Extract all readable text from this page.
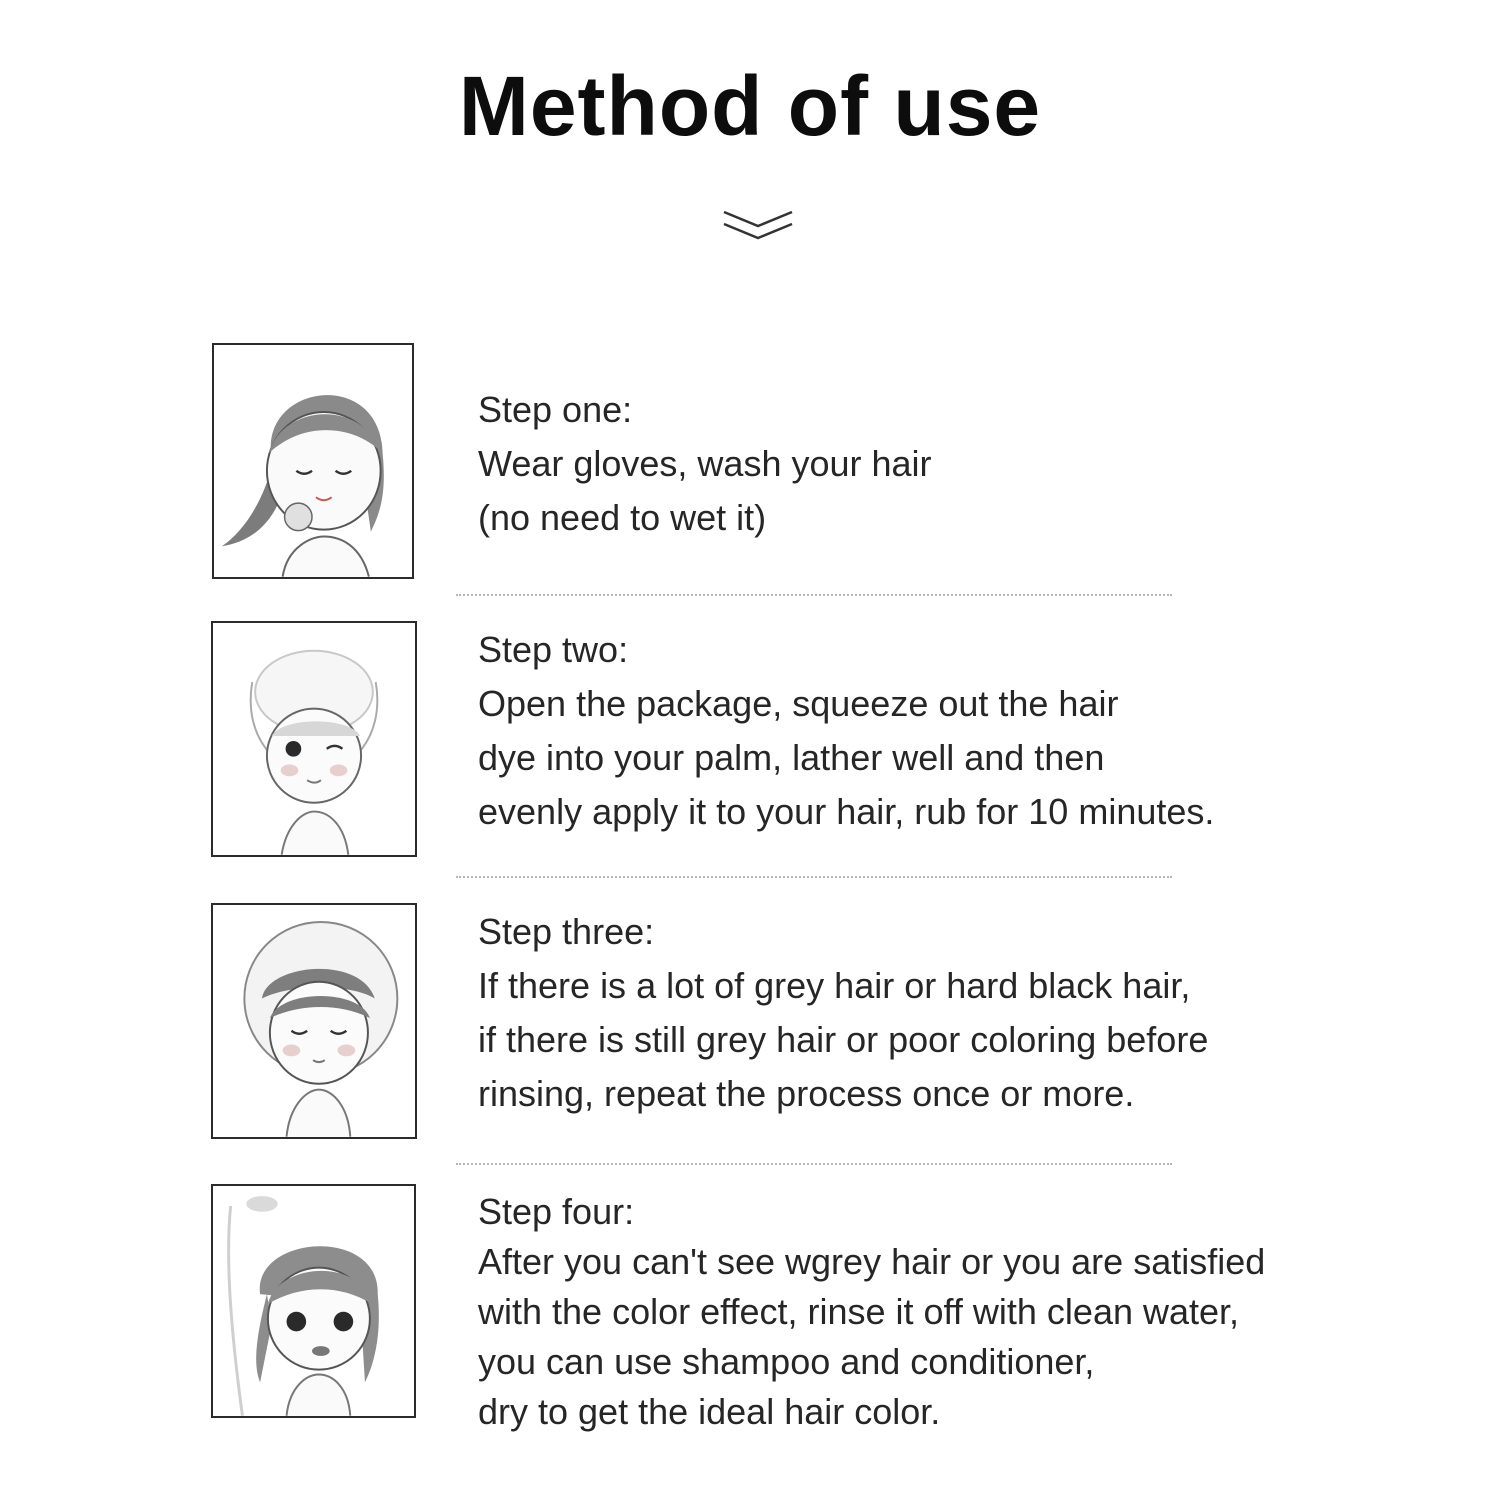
Method of use
Step one:
Wear gloves, wash your hair
(no need to wet it)
Step two:
Open the package, squeeze out the hair
dye into your palm, lather well and then
evenly apply it to your hair, rub for 10 minutes.
Step three:
If there is a lot of grey hair or hard black hair,
if there is still grey hair or poor coloring before
rinsing, repeat the process once or more.
Step four:
After you can't see wgrey hair or you are satisfied
with the color effect, rinse it off with clean water,
you can use shampoo and conditioner,
dry to get the ideal hair color.
